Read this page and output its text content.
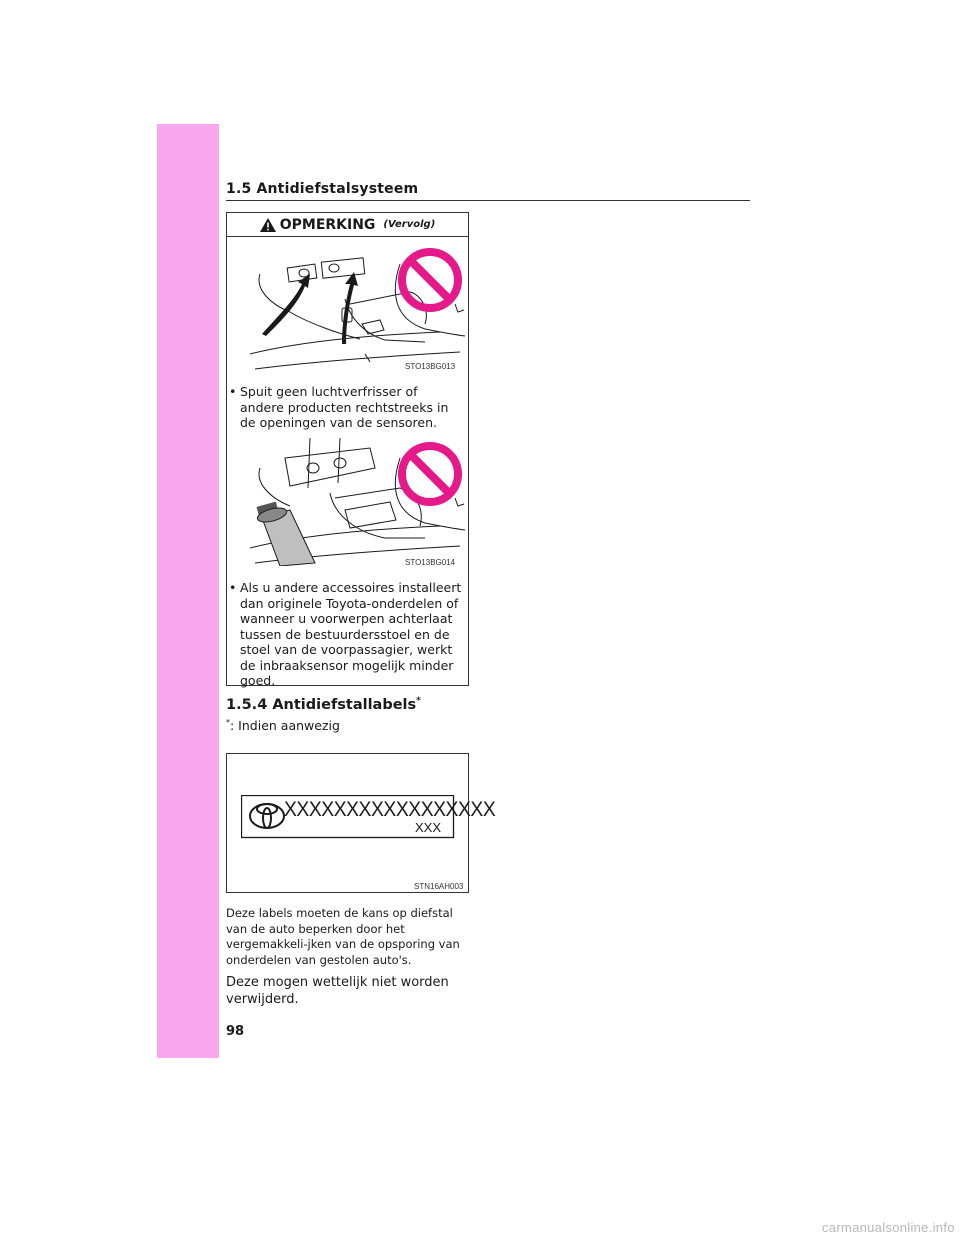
1.5 Antidiefstalsysteem
OPMERKING (Vervolg)
STO13BG013
• Spuit geen luchtverfrisser of andere producten rechtstreeks in de openingen van de sensoren.
STO13BG014
• Als u andere accessoires installeert dan originele Toyota-onderdelen of wanneer u voorwerpen achterlaat tussen de bestuurdersstoel en de stoel van de voorpassagier, werkt de inbraaksensor mogelijk minder goed.
1.5.4 Antidiefstallabels*
*: Indien aanwezig
XXXXXXXXXXXXXXXXX
XXX
STN16AH003
Deze labels moeten de kans op diefstal van de auto beperken door het vergemakkeli-jken van de opsporing van onderdelen van gestolen auto's.
Deze mogen wettelijk niet worden verwijderd.
98
carmanualsonline.info
